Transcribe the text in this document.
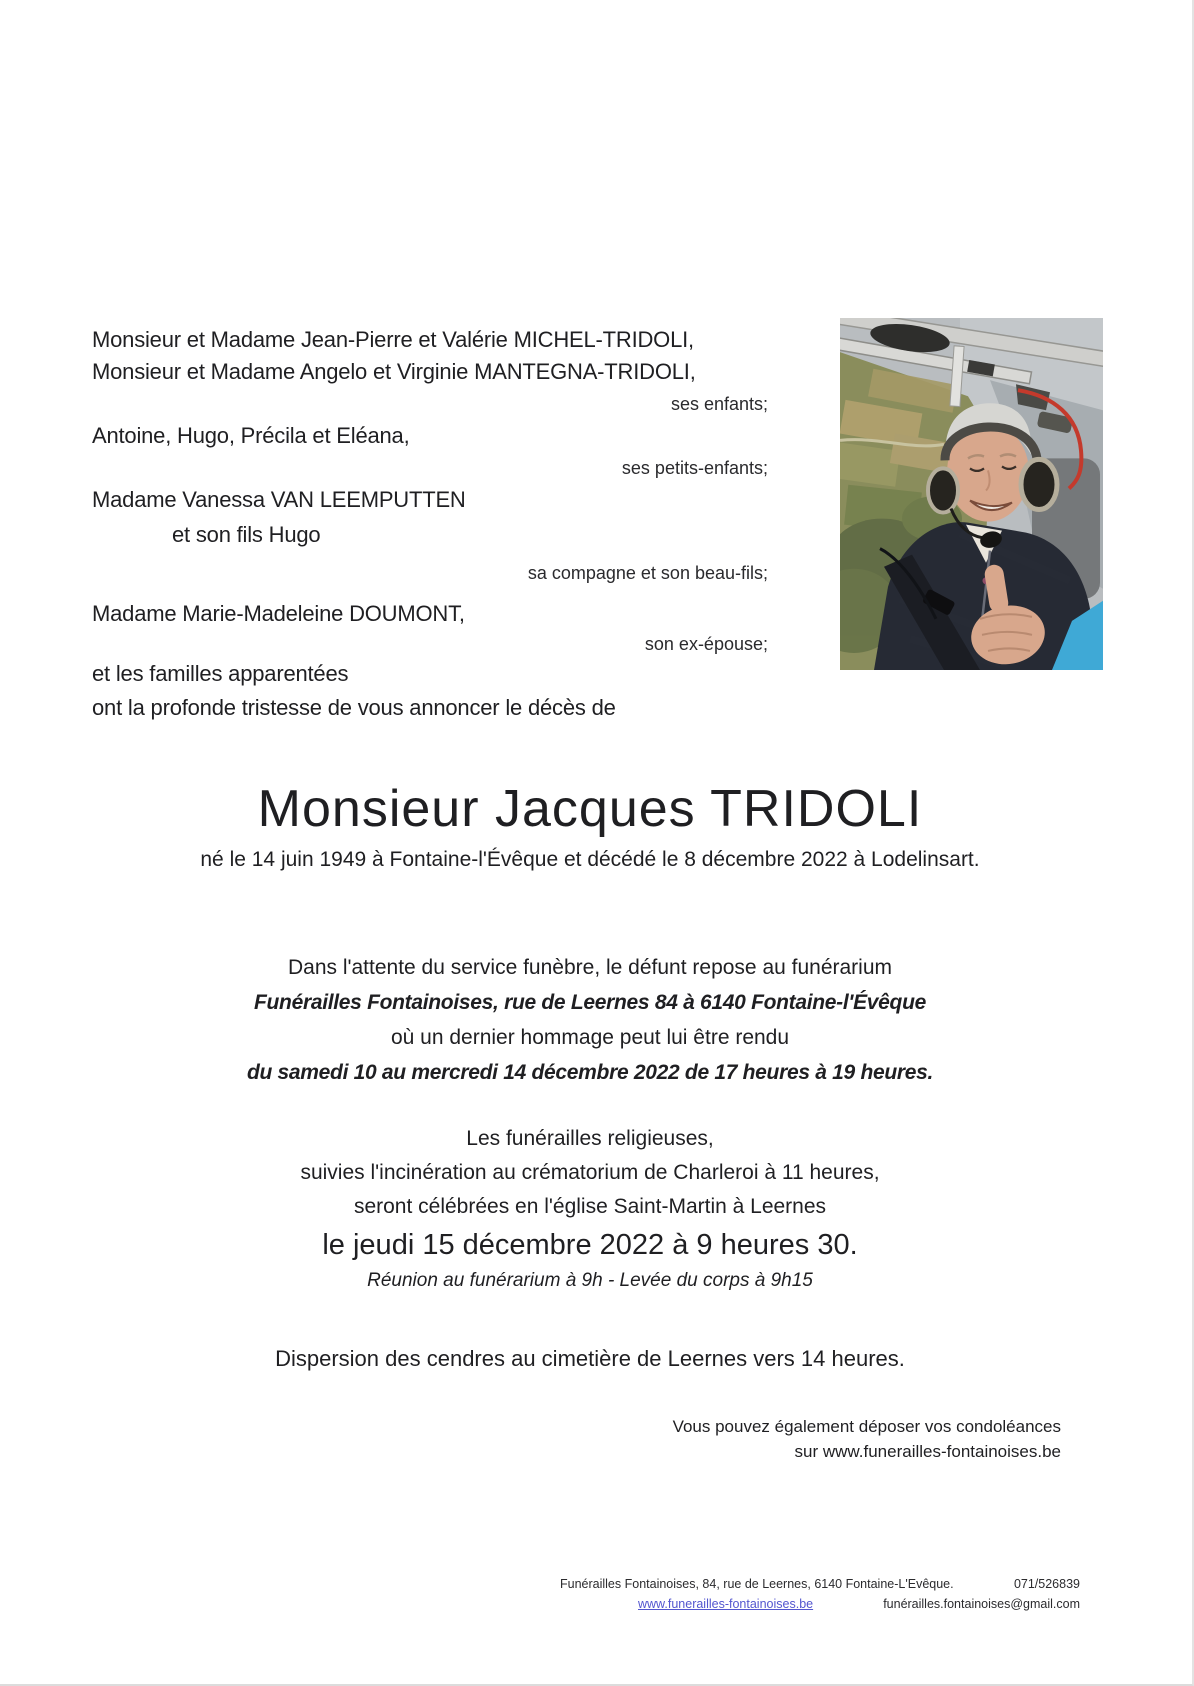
Monsieur et Madame Jean-Pierre et Valérie MICHEL-TRIDOLI,
Monsieur et Madame Angelo et Virginie MANTEGNA-TRIDOLI,
ses enfants;
Antoine, Hugo, Précila et Eléana,
ses petits-enfants;
Madame Vanessa VAN LEEMPUTTEN
et son fils Hugo
sa compagne et son beau-fils;
Madame Marie-Madeleine DOUMONT,
son ex-épouse;
et les familles apparentées
ont la profonde tristesse de vous annoncer le décès de
Monsieur Jacques TRIDOLI
né le 14 juin 1949 à Fontaine-l'Évêque et décédé le 8 décembre 2022 à Lodelinsart.
Dans l'attente du service funèbre, le défunt repose au funérarium
Funérailles Fontainoises, rue de Leernes 84 à 6140 Fontaine-l'Évêque
où un dernier hommage peut lui être rendu
du samedi 10 au mercredi 14 décembre 2022 de 17 heures à 19 heures.
Les funérailles religieuses,
suivies l'incinération au crématorium de Charleroi à 11 heures,
seront célébrées en l'église Saint-Martin à Leernes
le jeudi 15 décembre 2022 à 9 heures 30.
Réunion au funérarium à 9h - Levée du corps à 9h15
Dispersion des cendres au cimetière de Leernes vers 14 heures.
Vous pouvez également déposer vos condoléances
sur www.funerailles-fontainoises.be
Funérailles Fontainoises, 84, rue de Leernes, 6140 Fontaine-L'Evêque.	071/526839
www.funerailles-fontainoises.be	funérailles.fontainoises@gmail.com
